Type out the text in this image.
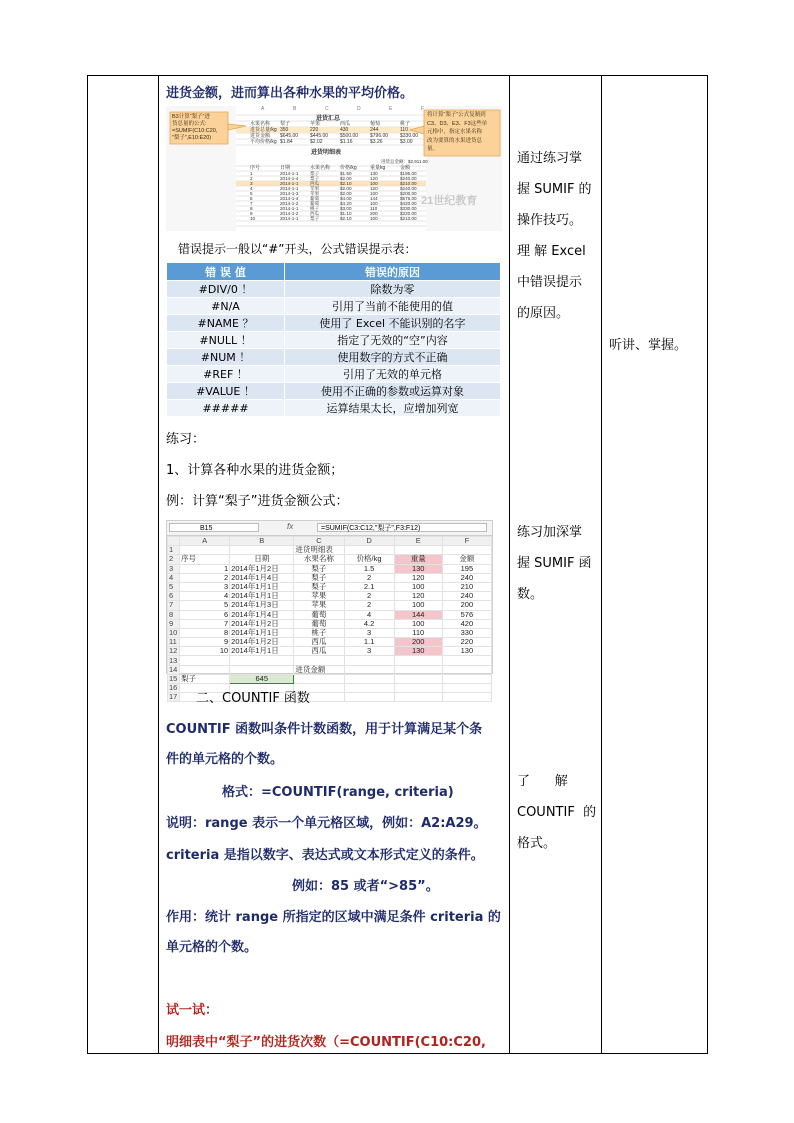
进货金额，进而算出各种水果的平均价格。
21世纪教育
B3计算“梨子”进
货总量的公式:
=SUMIF(C10:C20,
”梨子”,E10:E20)
将计算“梨子”公式复制到
C3、D3、E3、F3这些单
元格中，指定水果名称
改为要算的水果进货总
量。
A	B	C	D	E	F
进货汇总
水果名称 梨子	苹果	西瓜	葡萄	桃子
进货总量/kg 350	220	430	244	110
进货金额 $645.00 $445.00 $500.00 $796.00 $330.00
平均价格/kg $1.84	$2.02	$1.16	$3.26	$3.00
进货明细表
进货总金额：$2,911.00
序号	日期	水果名称 价格/kg	重量kg	金额
1	2014-1-1	梨子	$1.50	130	$195.00
2	2014-1-4	梨子	$2.00	120	$240.00
3	2014-1-1	西瓜	$2.10	100	$210.00
4	2014-1-1	苹果	$2.00	120	$240.00
5	2014-1-3	苹果	$2.00	100	$200.00
6	2014-1-4	葡萄	$4.00	144	$576.00
7	2014-1-2	葡萄	$4.20	100	$420.00
8	2014-1-1	桃子	$3.00	110	$330.00
9	2014-1-2	西瓜	$1.10	200	$220.00
10	2014-1-1	梨子	$2.10	100	$210.00
错误提示一般以“#”开头，公式错误提示表：
错 误 值	错误的原因
#DIV/0 ！	除数为零
#N/A	引用了当前不能使用的值
#NAME ？	使用了 Excel 不能识别的名字
#NULL ！	指定了无效的“空”内容
#NUM ！	使用数字的方式不正确
#REF ！	引用了无效的单元格
#VALUE ！	使用不正确的参数或运算对象
#####	运算结果太长，应增加列宽
练习：
1、计算各种水果的进货金额；
例：计算“梨子”进货金额公式：
B15	fx	=SUMIF(C3:C12,"梨子",F3:F12)
	A	B	C	D	E	F
1			进货明细表			
2	序号	日期	水果名称	价格/kg	重量	金额
3	1	2014年1月2日	梨子	1.5	130	195
4	2	2014年1月4日	梨子	2	120	240
5	3	2014年1月1日	梨子	2.1	100	210
6	4	2014年1月1日	苹果	2	120	240
7	5	2014年1月3日	苹果	2	100	200
8	6	2014年1月4日	葡萄	4	144	576
9	7	2014年1月2日	葡萄	4.2	100	420
10	8	2014年1月1日	桃子	3	110	330
11	9	2014年1月2日	西瓜	1.1	200	220
12	10	2014年1月1日	西瓜	3	130	130
13						
14			进货金额			
15	梨子	645				
16						
17						二、COUNTIF 函数
COUNTIF 函数叫条件计数函数，用于计算满足某个条
件的单元格的个数。
格式：=COUNTIF(range, criteria)
说明：range 表示一个单元格区域，例如：A2:A29。
criteria 是指以数字、表达式或文本形式定义的条件。
例如：85 或者“>85”。
作用：统计 range 所指定的区域中满足条件 criteria 的
单元格的个数。
试一试：
明细表中“梨子”的进货次数（=COUNTIF(C10:C20,
通过练习掌
握 SUMIF 的
操作技巧。
理 解 Excel
中错误提示
的原因。
练习加深掌
握 SUMIF 函
数。
了      解
COUNTIF  的
格式。
听讲、掌握。
